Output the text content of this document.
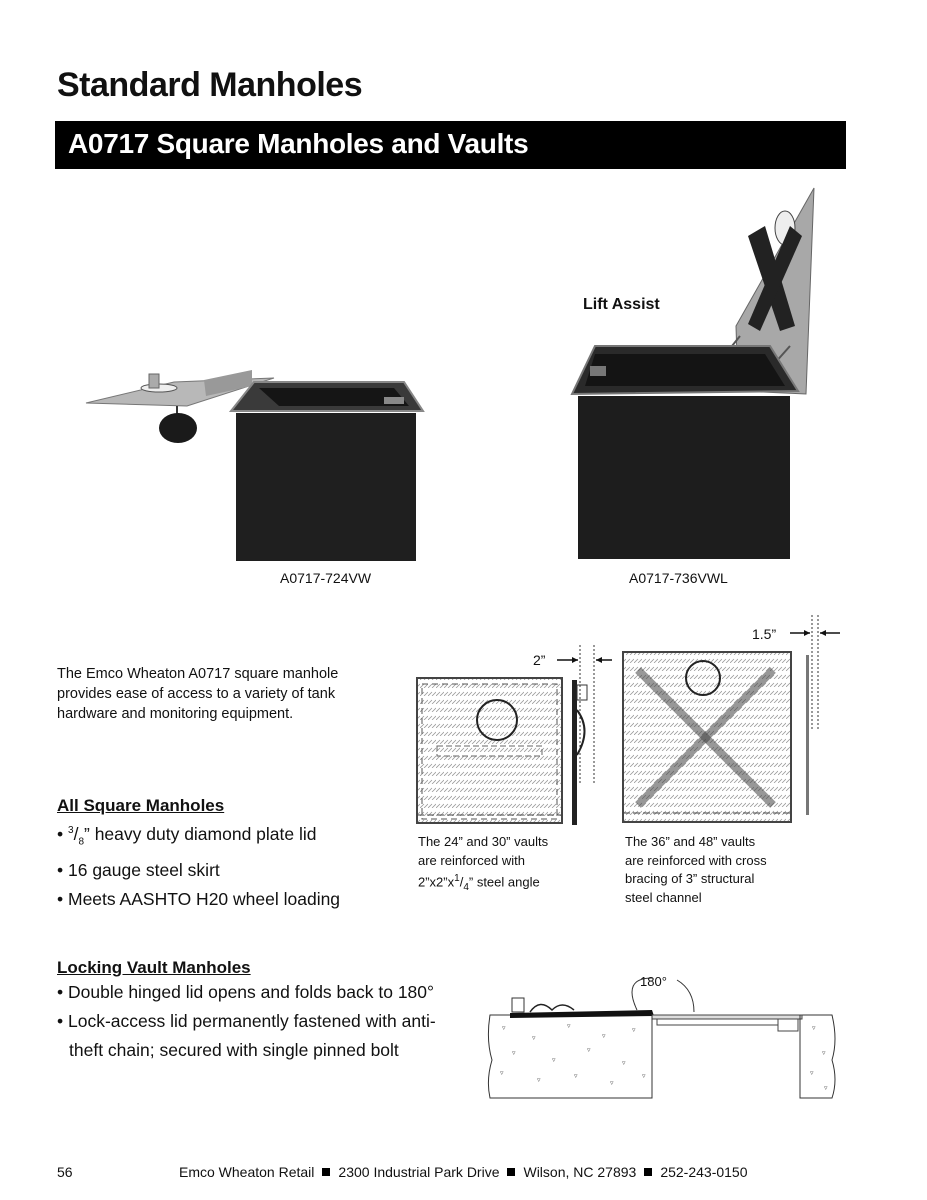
Standard Manholes
A0717 Square Manholes and Vaults
A0717-724VW
Lift Assist
A0717-736VWL
The Emco Wheaton A0717 square manhole provides ease of access to a variety of tank hardware and monitoring equipment.
2”
1.5”
The 24” and 30” vaults
are reinforced with
$2”x2”x^1/_4$” steel angle
The 36” and 48” vaults
are reinforced with cross
bracing of 3” structural
steel channel
All Square Manholes
• $^3/_8$” heavy duty diamond plate lid
• 16 gauge steel skirt
• Meets AASHTO H20 wheel loading
Locking Vault Manholes
• Double hinged lid opens and folds back to 180°
• Lock-access lid permanently fastened with anti-theft chain; secured with single pinned bolt
▿
▿
▿
▿
▿
▿
▿
▿
▿
▿
▿
▿
▿
▿
▿
▿
▿
▿
180°
56	Emco Wheaton Retail 2300 Industrial Park Drive Wilson, NC 27893 252-243-0150
